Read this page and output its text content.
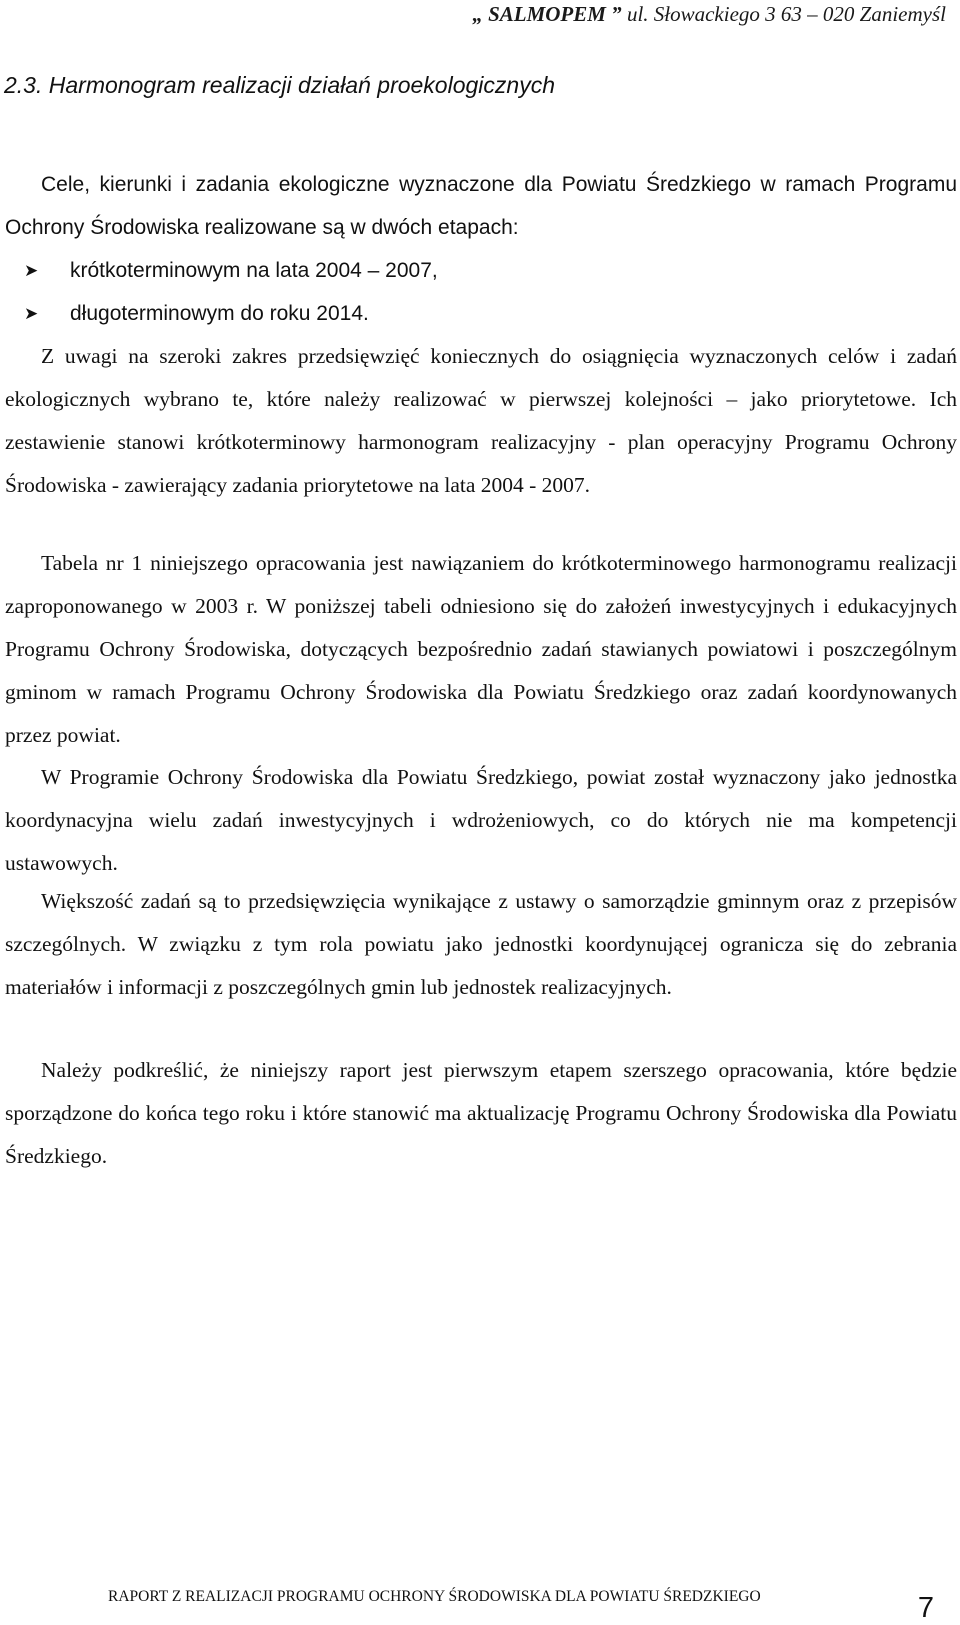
„ SALMOPEM ” ul. Słowackiego 3 63 – 020 Zaniemyśl
2.3. Harmonogram realizacji działań proekologicznych
Cele, kierunki i zadania ekologiczne wyznaczone dla Powiatu Średzkiego w ramach Programu Ochrony Środowiska realizowane są w dwóch etapach:
➤	krótkoterminowym na lata 2004 – 2007,
➤	długoterminowym do roku 2014.

Z uwagi na szeroki zakres przedsięwzięć koniecznych do osiągnięcia wyznaczonych celów i zadań ekologicznych wybrano te, które należy realizować w pierwszej kolejności – jako priorytetowe. Ich zestawienie stanowi krótkoterminowy harmonogram realizacyjny - plan operacyjny Programu Ochrony Środowiska - zawierający zadania priorytetowe na lata 2004 - 2007.

Tabela nr 1 niniejszego opracowania jest nawiązaniem do krótkoterminowego harmonogramu realizacji zaproponowanego w 2003 r. W poniższej tabeli odniesiono się do założeń inwestycyjnych i edukacyjnych Programu Ochrony Środowiska, dotyczących bezpośrednio zadań stawianych powiatowi i poszczególnym gminom w ramach Programu Ochrony Środowiska dla Powiatu Średzkiego oraz zadań koordynowanych przez powiat.

W Programie Ochrony Środowiska dla Powiatu Średzkiego, powiat został wyznaczony jako jednostka koordynacyjna wielu zadań inwestycyjnych i wdrożeniowych, co do których nie ma kompetencji ustawowych.

Większość zadań są to przedsięwzięcia wynikające z ustawy o samorządzie gminnym oraz z przepisów szczególnych. W związku z tym rola powiatu jako jednostki koordynującej ogranicza się do zebrania materiałów i informacji z poszczególnych gmin lub jednostek realizacyjnych.

Należy podkreślić, że niniejszy raport jest pierwszym etapem szerszego opracowania, które będzie sporządzone do końca tego roku i które stanowić ma aktualizację Programu Ochrony Środowiska dla Powiatu Średzkiego.

RAPORT Z REALIZACJI PROGRAMU OCHRONY ŚRODOWISKA DLA POWIATU ŚREDZKIEGO	7
